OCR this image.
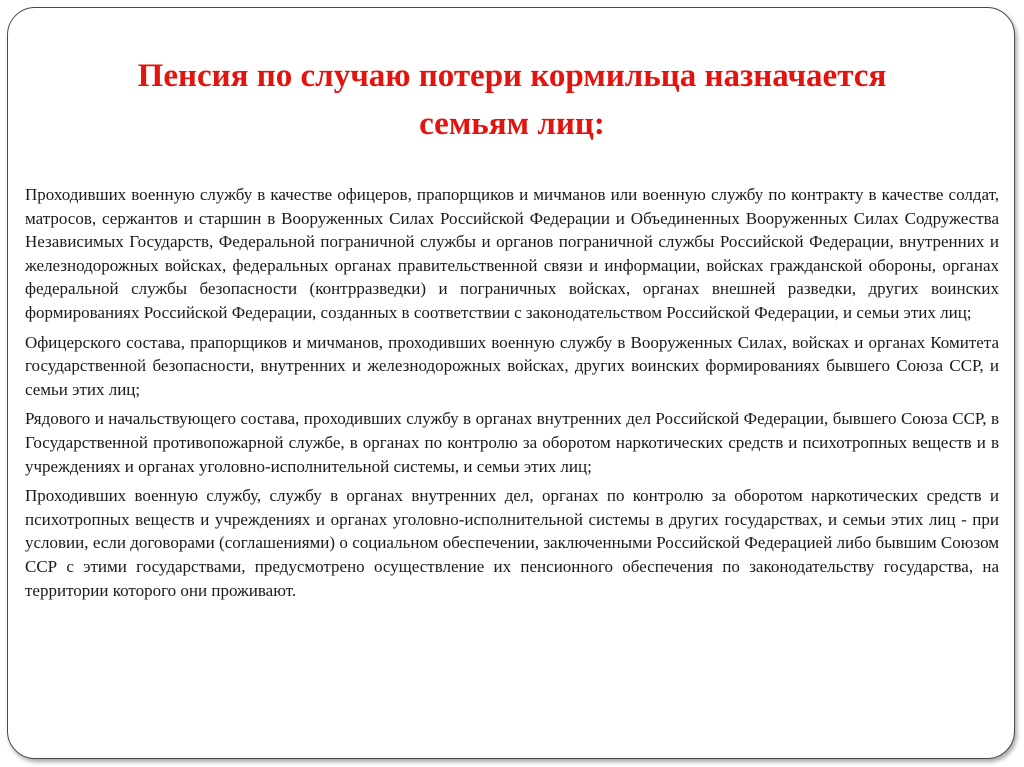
Пенсия по случаю потери кормильца назначается
семьям лиц:

Проходивших военную службу в качестве офицеров, прапорщиков и мичманов или военную службу по контракту в качестве солдат, матросов, сержантов и старшин в Вооруженных Силах Российской Федерации и Объединенных Вооруженных Силах Содружества Независимых Государств, Федеральной пограничной службы и органов пограничной службы Российской Федерации, внутренних и железнодорожных войсках, федеральных органах правительственной связи и информации, войсках гражданской обороны, органах федеральной службы безопасности (контрразведки) и пограничных войсках, органах внешней разведки, других воинских формированиях Российской Федерации, созданных в соответствии с законодательством Российской Федерации, и семьи этих лиц;

Офицерского состава, прапорщиков и мичманов, проходивших военную службу в Вооруженных Силах, войсках и органах Комитета государственной безопасности, внутренних и железнодорожных войсках, других воинских формированиях бывшего Союза ССР, и семьи этих лиц;

Рядового и начальствующего состава, проходивших службу в органах внутренних дел Российской Федерации, бывшего Союза ССР, в Государственной противопожарной службе, в органах по контролю за оборотом наркотических средств и психотропных веществ и в учреждениях и органах уголовно-исполнительной системы, и семьи этих лиц;

Проходивших военную службу, службу в органах внутренних дел, органах по контролю за оборотом наркотических средств и психотропных веществ и учреждениях и органах уголовно-исполнительной системы в других государствах, и семьи этих лиц - при условии, если договорами (соглашениями) о социальном обеспечении, заключенными Российской Федерацией либо бывшим Союзом ССР с этими государствами, предусмотрено осуществление их пенсионного обеспечения по законодательству государства, на территории которого они проживают.
